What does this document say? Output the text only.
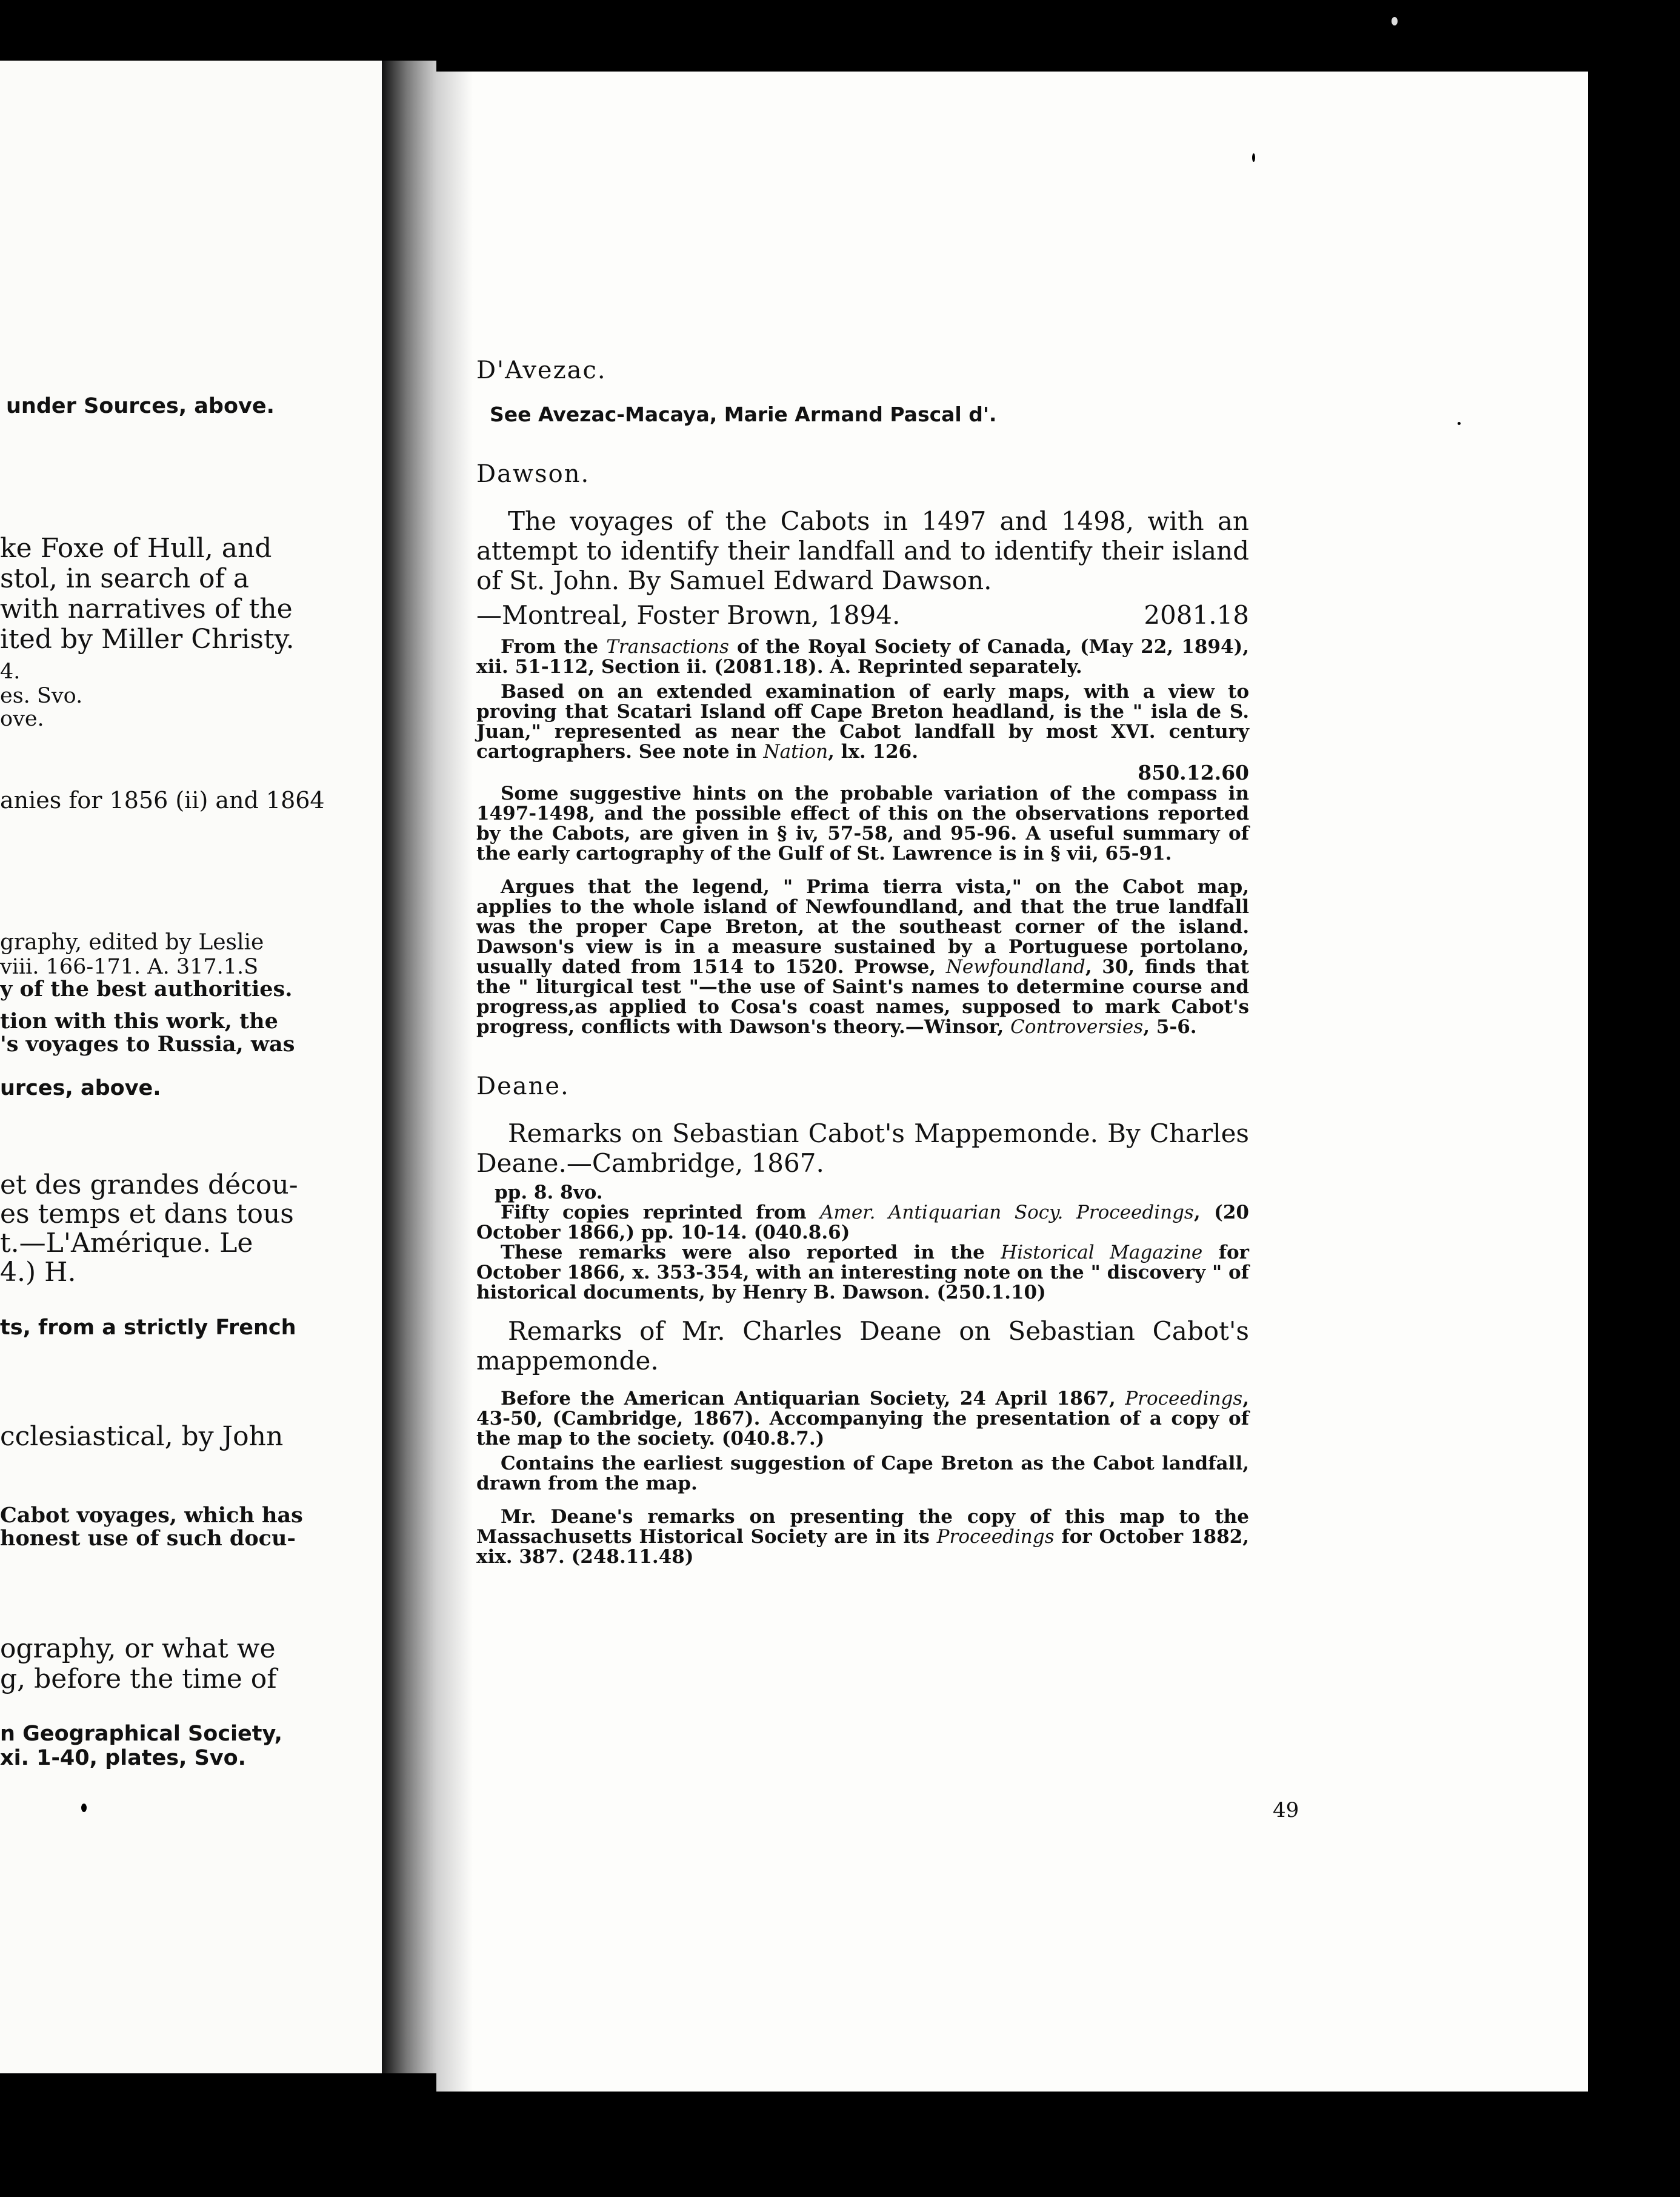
under Sources, above.
ke Foxe of Hull, and
stol, in search of a
with narratives of the
ited by Miller Christy.
4.
es. Svo.
ove.
anies for 1856 (ii) and 1864
graphy, edited by Leslie
viii. 166-171. A. 317.1.S
y of the best authorities.
tion with this work, the
's voyages to Russia, was
urces, above.
et des grandes décou-
es temps et dans tous
t.—L'Amérique. Le
4.) H.
ts, from a strictly French
cclesiastical, by John
Cabot voyages, which has
honest use of such docu-
ography, or what we
g, before the time of
n Geographical Society,
xi. 1-40, plates, Svo.
D'Avezac.
See Avezac-Macaya, Marie Armand Pascal d'.
Dawson.
The voyages of the Cabots in 1497 and 1498, with an attempt to identify their landfall and to identify their island of St. John. By Samuel Edward Dawson.
—Montreal, Foster Brown, 1894.	2081.18

From the Transactions of the Royal Society of Canada, (May 22, 1894), xii. 51-112, Section ii. (2081.18). A. Reprinted separately.

Based on an extended examination of early maps, with a view to proving that Scatari Island off Cape Breton headland, is the " isla de S. Juan," represented as near the Cabot landfall by most XVI. century cartographers. See note in Nation, lx. 126.

850.12.60

Some suggestive hints on the probable variation of the compass in 1497-1498, and the possible effect of this on the observations reported by the Cabots, are given in § iv, 57-58, and 95-96. A useful summary of the early cartography of the Gulf of St. Lawrence is in § vii, 65-91.

Argues that the legend, " Prima tierra vista," on the Cabot map, applies to the whole island of Newfoundland, and that the true landfall was the proper Cape Breton, at the southeast corner of the island. Dawson's view is in a measure sustained by a Portuguese portolano, usually dated from 1514 to 1520. Prowse, Newfoundland, 30, finds that the " liturgical test "—the use of Saint's names to determine course and progress,as applied to Cosa's coast names, supposed to mark Cabot's progress, conflicts with Dawson's theory.—Winsor, Controversies, 5-6.

Deane.
Remarks on Sebastian Cabot's Mappemonde. By Charles Deane.—Cambridge, 1867.

pp. 8. 8vo.

Fifty copies reprinted from Amer. Antiquarian Socy. Proceedings, (20 October 1866,) pp. 10-14. (040.8.6)

These remarks were also reported in the Historical Magazine for October 1866, x. 353-354, with an interesting note on the " discovery " of historical documents, by Henry B. Dawson. (250.1.10)

Remarks of Mr. Charles Deane on Sebastian Cabot's mappemonde.

Before the American Antiquarian Society, 24 April 1867, Proceedings, 43-50, (Cambridge, 1867). Accompanying the presentation of a copy of the map to the society. (040.8.7.)

Contains the earliest suggestion of Cape Breton as the Cabot landfall, drawn from the map.

Mr. Deane's remarks on presenting the copy of this map to the Massachusetts Historical Society are in its Proceedings for October 1882, xix. 387. (248.11.48)

49
